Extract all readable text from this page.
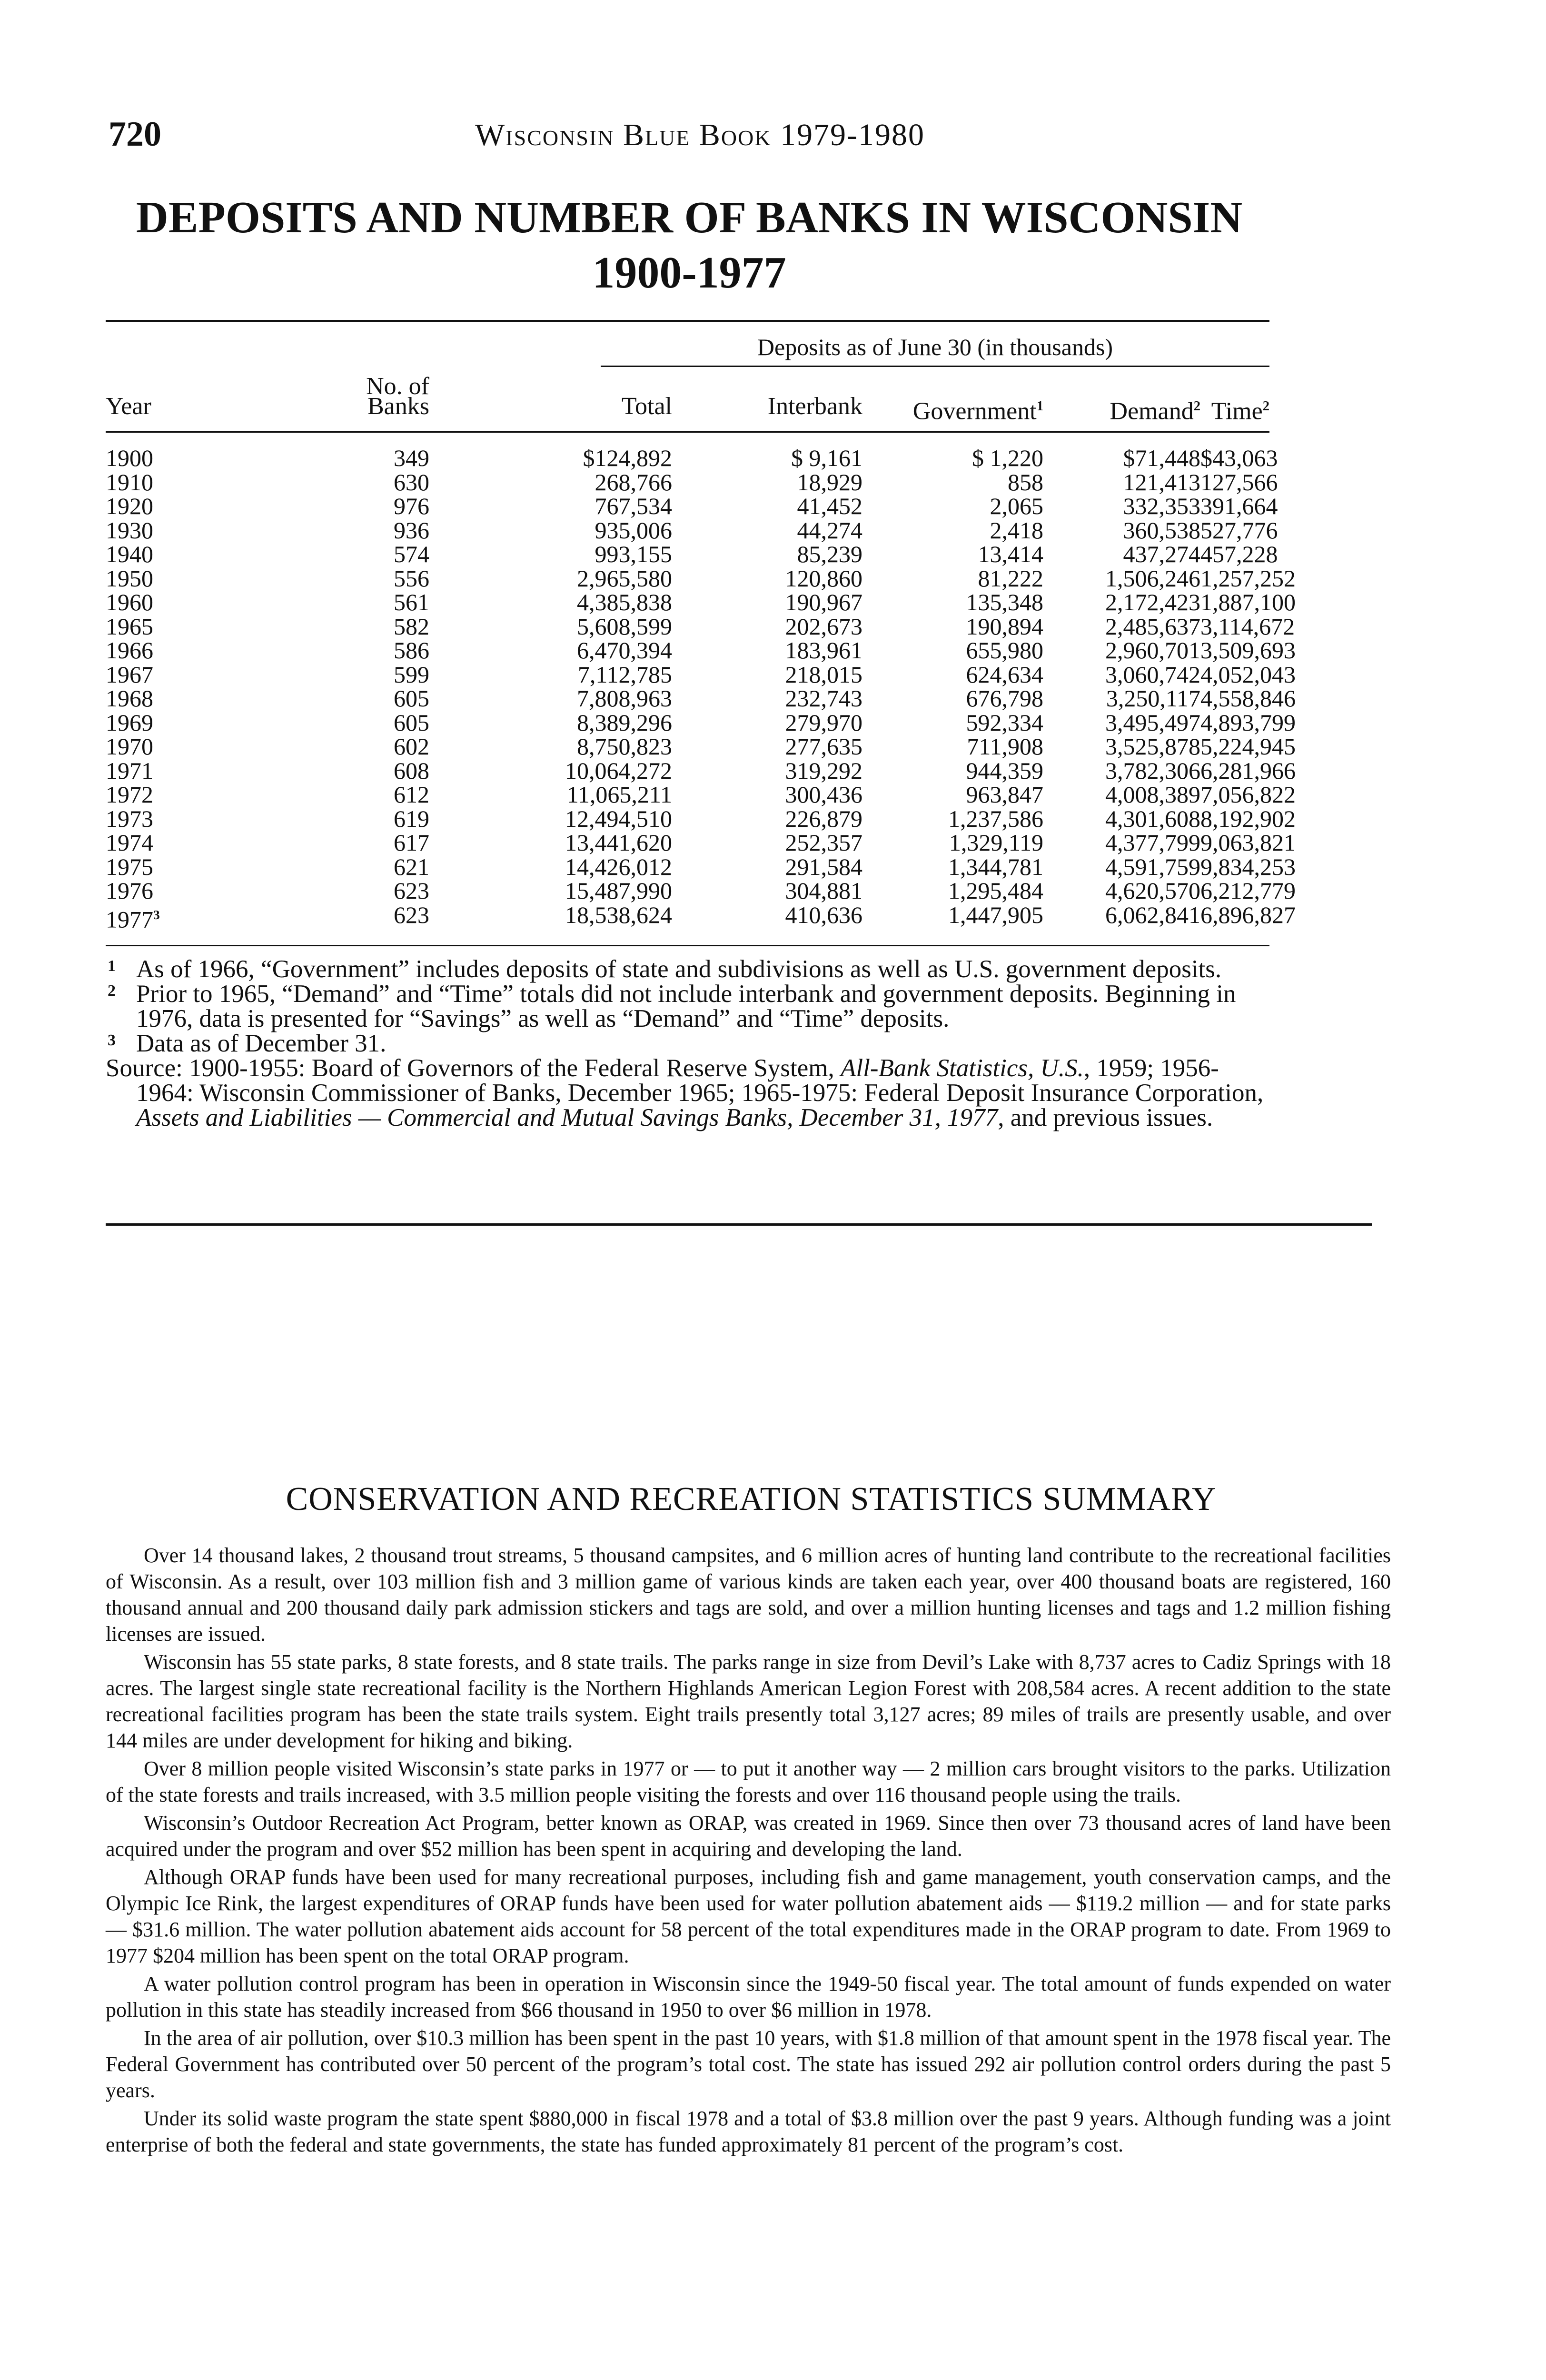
720	Wisconsin Blue Book 1979-1980
DEPOSITS AND NUMBER OF BANKS IN WISCONSIN
1900-1977
Deposits as of June 30 (in thousands)
Year
No. of
Banks	Total	Interbank	Government$^1$	Demand$^2$ Time$^2$
1900	349	$124,892	$ 9,161	$ 1,220	$71,448	$43,063
1910	630	268,766	18,929	858	121,413	127,566
1920	976	767,534	41,452	2,065	332,353	391,664
1930	936	935,006	44,274	2,418	360,538	527,776
1940	574	993,155	85,239	13,414	437,274	457,228
1950	556	2,965,580	120,860	81,222	1,506,246	1,257,252
1960	561	4,385,838	190,967	135,348	2,172,423	1,887,100
1965	582	5,608,599	202,673	190,894	2,485,637	3,114,672
1966	586	6,470,394	183,961	655,980	2,960,701	3,509,693
1967	599	7,112,785	218,015	624,634	3,060,742	4,052,043
1968	605	7,808,963	232,743	676,798	3,250,117	4,558,846
1969	605	8,389,296	279,970	592,334	3,495,497	4,893,799
1970	602	8,750,823	277,635	711,908	3,525,878	5,224,945
1971	608	10,064,272	319,292	944,359	3,782,306	6,281,966
1972	612	11,065,211	300,436	963,847	4,008,389	7,056,822
1973	619	12,494,510	226,879	1,237,586	4,301,608	8,192,902
1974	617	13,441,620	252,357	1,329,119	4,377,799	9,063,821
1975	621	14,426,012	291,584	1,344,781	4,591,759	9,834,253
1976	623	15,487,990	304,881	1,295,484	4,620,570	6,212,779
1977$^3$	623	18,538,624	410,636	1,447,905	6,062,841	6,896,827
1 As of 1966, “Government” includes deposits of state and subdivisions as well as U.S. government deposits.
2 Prior to 1965, “Demand” and “Time” totals did not include interbank and government deposits. Beginning in 1976, data is presented for “Savings” as well as “Demand” and “Time” deposits.
3 Data as of December 31.
Source: 1900-1955: Board of Governors of the Federal Reserve System, All-Bank Statistics, U.S., 1959; 1956-1964: Wisconsin Commissioner of Banks, December 1965; 1965-1975: Federal Deposit Insurance Corporation, Assets and Liabilities — Commercial and Mutual Savings Banks, December 31, 1977, and previous issues.
CONSERVATION AND RECREATION STATISTICS SUMMARY

Over 14 thousand lakes, 2 thousand trout streams, 5 thousand campsites, and 6 million acres of hunting land contribute to the recreational facilities of Wisconsin. As a result, over 103 million fish and 3 million game of various kinds are taken each year, over 400 thousand boats are registered, 160 thousand annual and 200 thousand daily park admission stickers and tags are sold, and over a million hunting licenses and tags and 1.2 million fishing licenses are issued.

Wisconsin has 55 state parks, 8 state forests, and 8 state trails. The parks range in size from Devil’s Lake with 8,737 acres to Cadiz Springs with 18 acres. The largest single state recreational facility is the Northern Highlands American Legion Forest with 208,584 acres. A recent addition to the state recreational facilities program has been the state trails system. Eight trails presently total 3,127 acres; 89 miles of trails are presently usable, and over 144 miles are under development for hiking and biking.

Over 8 million people visited Wisconsin’s state parks in 1977 or — to put it another way — 2 million cars brought visitors to the parks. Utilization of the state forests and trails increased, with 3.5 million people visiting the forests and over 116 thousand people using the trails.

Wisconsin’s Outdoor Recreation Act Program, better known as ORAP, was created in 1969. Since then over 73 thousand acres of land have been acquired under the program and over $52 million has been spent in acquiring and developing the land.

Although ORAP funds have been used for many recreational purposes, including fish and game management, youth conservation camps, and the Olympic Ice Rink, the largest expenditures of ORAP funds have been used for water pollution abatement aids — $119.2 million — and for state parks — $31.6 million. The water pollution abatement aids account for 58 percent of the total expenditures made in the ORAP program to date. From 1969 to 1977 $204 million has been spent on the total ORAP program.

A water pollution control program has been in operation in Wisconsin since the 1949-50 fiscal year. The total amount of funds expended on water pollution in this state has steadily increased from $66 thousand in 1950 to over $6 million in 1978.

In the area of air pollution, over $10.3 million has been spent in the past 10 years, with $1.8 million of that amount spent in the 1978 fiscal year. The Federal Government has contributed over 50 percent of the program’s total cost. The state has issued 292 air pollution control orders during the past 5 years.

Under its solid waste program the state spent $880,000 in fiscal 1978 and a total of $3.8 million over the past 9 years. Although funding was a joint enterprise of both the federal and state governments, the state has funded approximately 81 percent of the program’s cost.
